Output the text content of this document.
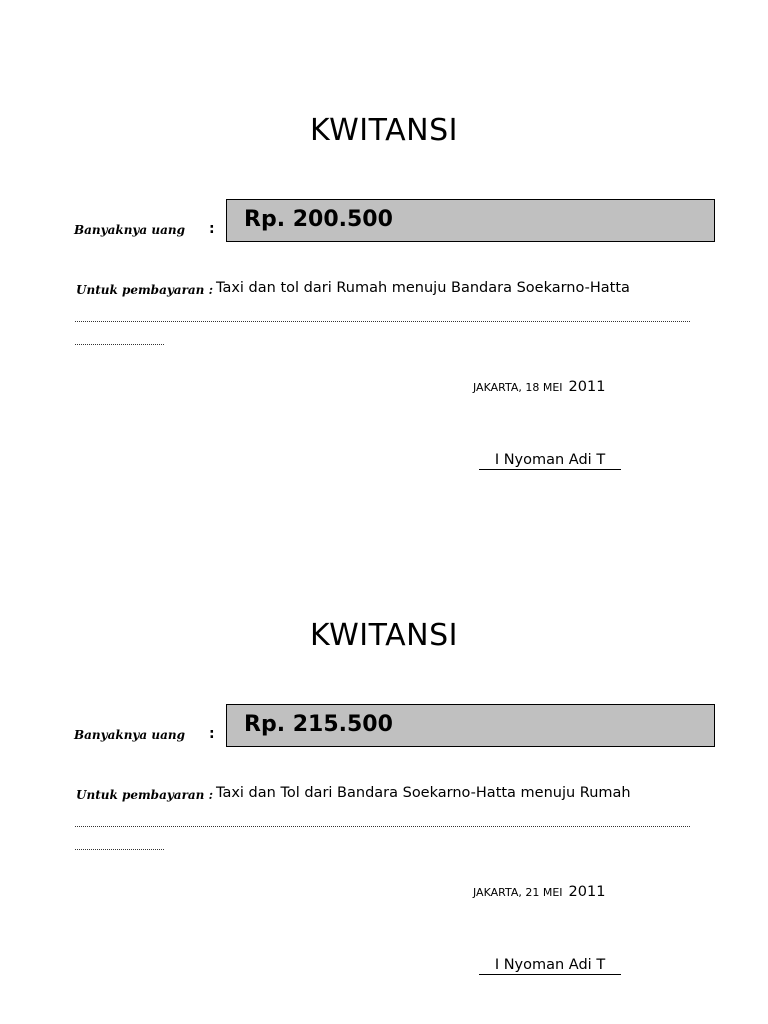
KWITANSI
Banyaknya uang : Rp. 200.500
Untuk pembayaran : Taxi dan tol dari Rumah menuju Bandara Soekarno-Hatta
JAKARTA, 18 MEI 2011
I Nyoman Adi T
KWITANSI
Banyaknya uang : Rp. 215.500
Untuk pembayaran : Taxi dan Tol dari Bandara Soekarno-Hatta menuju Rumah
JAKARTA, 21 MEI 2011
I Nyoman Adi T
